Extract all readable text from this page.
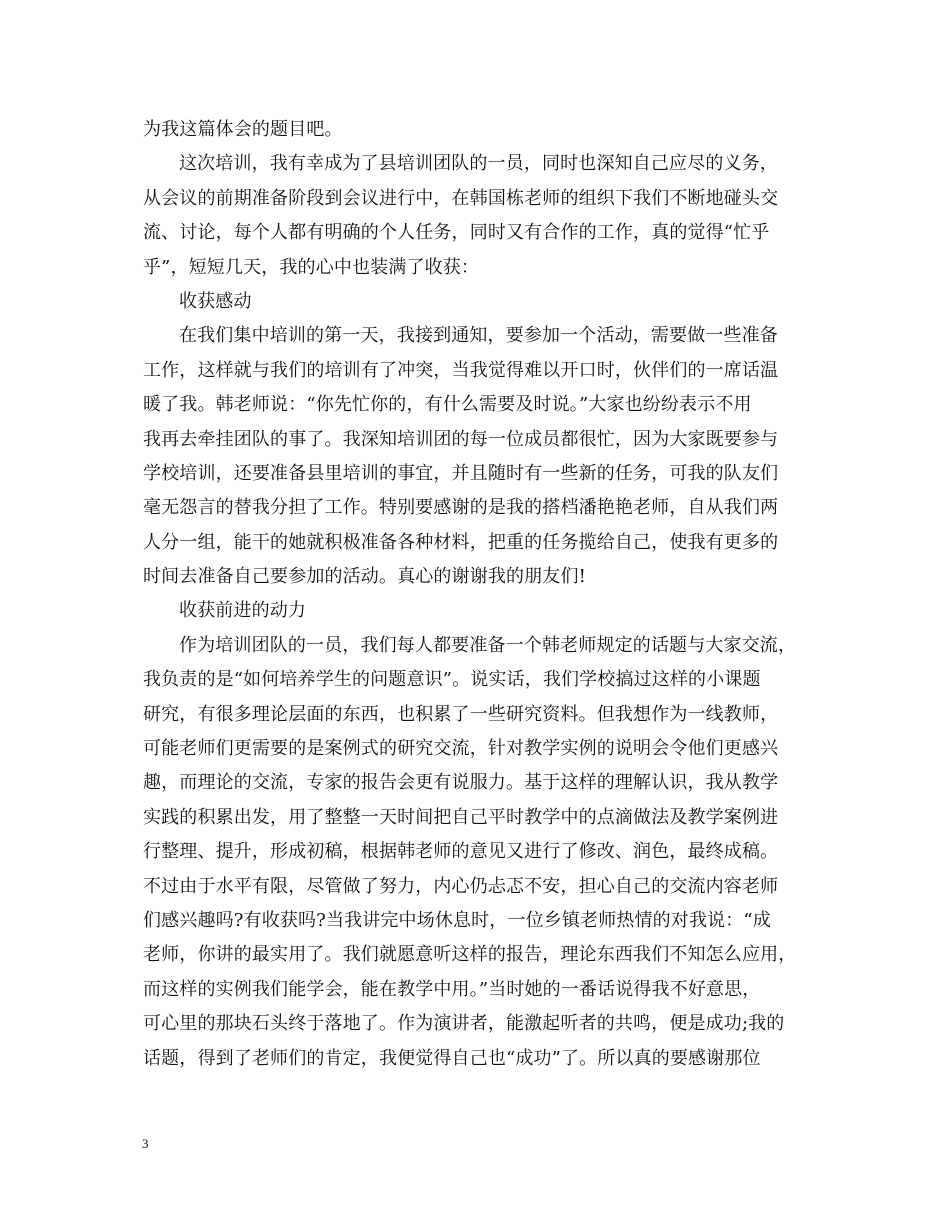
为我这篇体会的题目吧。
这次培训，我有幸成为了县培训团队的一员，同时也深知自己应尽的义务，
从会议的前期准备阶段到会议进行中，在韩国栋老师的组织下我们不断地碰头交
流、讨论，每个人都有明确的个人任务，同时又有合作的工作，真的觉得“忙乎
乎”，短短几天，我的心中也装满了收获：
收获感动
在我们集中培训的第一天，我接到通知，要参加一个活动，需要做一些准备
工作，这样就与我们的培训有了冲突，当我觉得难以开口时，伙伴们的一席话温
暖了我。韩老师说：“你先忙你的，有什么需要及时说。”大家也纷纷表示不用
我再去牵挂团队的事了。我深知培训团的每一位成员都很忙，因为大家既要参与
学校培训，还要准备县里培训的事宜，并且随时有一些新的任务，可我的队友们
毫无怨言的替我分担了工作。特别要感谢的是我的搭档潘艳艳老师，自从我们两
人分一组，能干的她就积极准备各种材料，把重的任务揽给自己，使我有更多的
时间去准备自己要参加的活动。真心的谢谢我的朋友们!
收获前进的动力
作为培训团队的一员，我们每人都要准备一个韩老师规定的话题与大家交流，
我负责的是“如何培养学生的问题意识”。说实话，我们学校搞过这样的小课题
研究，有很多理论层面的东西，也积累了一些研究资料。但我想作为一线教师，
可能老师们更需要的是案例式的研究交流，针对教学实例的说明会令他们更感兴
趣，而理论的交流，专家的报告会更有说服力。基于这样的理解认识，我从教学
实践的积累出发，用了整整一天时间把自己平时教学中的点滴做法及教学案例进
行整理、提升，形成初稿，根据韩老师的意见又进行了修改、润色，最终成稿。
不过由于水平有限，尽管做了努力，内心仍忐忑不安，担心自己的交流内容老师
们感兴趣吗?有收获吗?当我讲完中场休息时，一位乡镇老师热情的对我说：“成
老师，你讲的最实用了。我们就愿意听这样的报告，理论东西我们不知怎么应用，
而这样的实例我们能学会，能在教学中用。”当时她的一番话说得我不好意思，
可心里的那块石头终于落地了。作为演讲者，能激起听者的共鸣，便是成功;我的
话题，得到了老师们的肯定，我便觉得自己也“成功”了。所以真的要感谢那位
3
